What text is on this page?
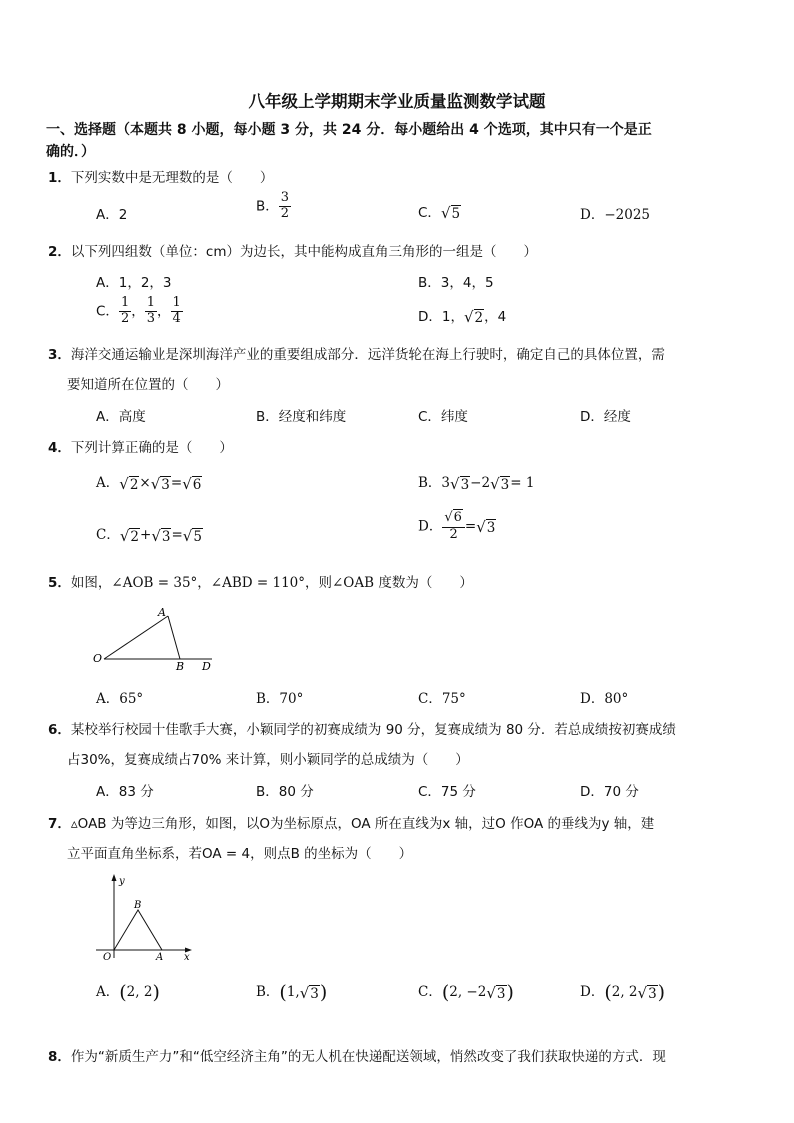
八年级上学期期末学业质量监测数学试题
一、选择题（本题共 8 小题，每小题 3 分，共 24 分．每小题给出 4 个选项，其中只有一个是正
确的．）
1．下列实数中是无理数的是（　　）
A．2
B． $\frac{3}{2}$	C．√5	D．−2025
2．以下列四组数（单位：cm）为边长，其中能构成直角三角形的一组是（　　）
A．1，2，3	B．3，4，5
C． $\frac{1}{2}$ ， $\frac{1}{3}$ ， $\frac{1}{4}$	D．1，√2，4
3．海洋交通运输业是深圳海洋产业的重要组成部分．远洋货轮在海上行驶时，确定自己的具体位置，需
要知道所在位置的（　　）
A．高度	B．经度和纬度	C．纬度	D．经度
4．下列计算正确的是（　　）
A．√2×√3=√6	B．3√3−2√3= 1
C．√2+√3=√5
D． $\frac{√6}{2} =√3$
5．如图，∠AOB = 35°，∠ABD = 110°，则∠OAB 度数为（　　）
A
O
B D
A．65°	B．70°	C．75°	D．80°
6．某校举行校园十佳歌手大赛，小颖同学的初赛成绩为 90 分，复赛成绩为 80 分．若总成绩按初赛成绩
占30%，复赛成绩占70% 来计算，则小颖同学的总成绩为（　　）
A．83 分	B．80 分	C．75 分	D．70 分
7．▵OAB 为等边三角形，如图，以O为坐标原点，OA 所在直线为x 轴，过O 作OA 的垂线为y 轴，建
立平面直角坐标系，若OA = 4，则点B 的坐标为（　　）
y
B
O	A x
A．(2, 2)	B．(1,√3)	C．(2, −2√3)	D．(2, 2√3)
8．作为“新质生产力”和“低空经济主角”的无人机在快递配送领域，悄然改变了我们获取快递的方式．现
